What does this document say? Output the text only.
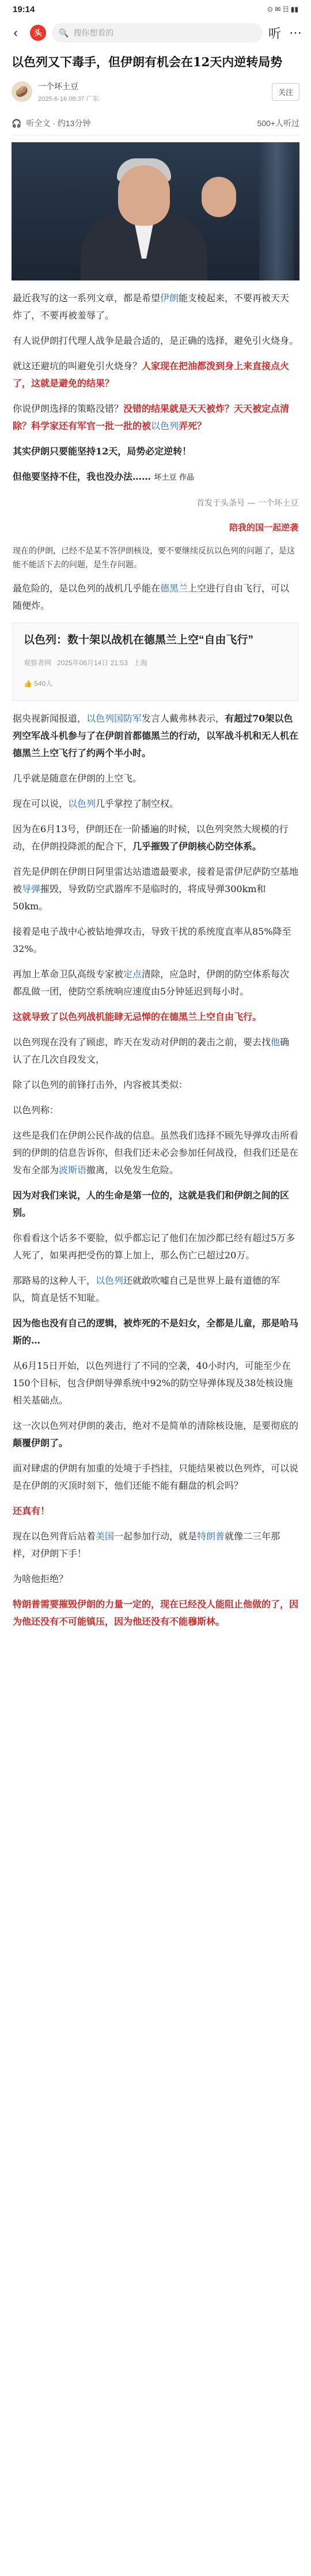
19:14	⊙ ✉ ☷ ▮▮
‹	头	🔍 搜你想看的	听 ⋯
以色列又下毒手，但伊朗有机会在12天内逆转局势
🥔	一个坏土豆
2025-6-16 08:37 广东
关注
🎧 听全文 · 约13分钟	500+人听过

最近我写的这一系列文章，都是希望伊朗能支棱起来，不要再被天天炸了，不要再被羞辱了。

有人说伊朗打代理人战争是最合适的，是正确的选择，避免引火烧身。

就这还避坑的叫避免引火烧身？人家现在把油都泼到身上来直接点火了，这就是避免的结果？

你说伊朗选择的策略没错？没错的结果就是天天被炸？天天被定点清除？科学家还有军官一批一批的被以色列弄死？

其实伊朗只要能坚持12天，局势必定逆转！

但他要坚持不住，我也没办法…… 坏土豆 作品

首发于头条号 — 一个坏土豆
陪我的国一起逆袭

现在的伊朗，已经不是某不答伊朗核设，要不要继续反抗以色列的问题了，是这能不能活下去的问题，是生存问题。

最危险的，是以色列的战机几乎能在德黑兰上空进行自由飞行，可以随便炸。

以色列：数十架以战机在德黑兰上空“自由飞行”
观察者网 2025年06月14日 21:53 上海
👍 540人

据央视新闻报道，以色列国防军发言人戴弗林表示，有超过70架以色列空军战斗机参与了在伊朗首都德黑兰的行动，以军战斗机和无人机在德黑兰上空飞行了约两个半小时。

几乎就是随意在伊朗的上空飞。

现在可以说，以色列几乎掌控了制空权。

因为在6月13号，伊朗还在一阶播遍的时候，以色列突然大规模的行动，在伊朗投降派的配合下，几乎摧毁了伊朗核心防空体系。

首先是伊朗在伊朗日阿里雷达站遗遗最要求，接着是雷伊尼萨防空基地被导弹摧毁，导致防空武器库不是临时的，将成导弹300km和50km。

接着是电子战中心被钻地弹攻击，导致干扰的系统度直率从85%降至32%。

再加上革命卫队高级专家被定点清除，应急时，伊朗的防空体系每次都乱做一团，使防空系统响应速度由5分钟延迟到每小时。

这就导致了以色列战机能肆无忌惮的在德黑兰上空自由飞行。

以色列现在没有了顾虑，昨天在发动对伊朗的袭击之前，要去找他确认了在几次自段发文，

除了以色列的前锋打击外，内容被其类似：

以色列称：

这些是我们在伊朗公民作战的信息。虽然我们选择不顾先导弹攻击所看到的伊朗的信息告诉你，但我们还未必会参加任何战役，但我们还是在发布全部为波斯语撤离，以免发生危险。

因为对我们来说，人的生命是第一位的，这就是我们和伊朗之间的区别。

你看看这个话多不要脸，似乎都忘记了他们在加沙都已经有超过5万多人死了，如果再把受伤的算上加上，那么伤亡已超过20万。

那路易的这种人干，以色列还就敢吹嘘自己是世界上最有道德的军队，简直是恬不知耻。

因为他也没有自己的逻辑，被炸死的不是妇女，全都是儿童，那是哈马斯的…

从6月15日开始，以色列进行了不同的空袭，40小时内，可能至少在150个目标，包含伊朗导弹系统中92%的防空导弹体现及38处核设施相关基础点。

这一次以色列对伊朗的袭击，绝对不是简单的清除核设施，是要彻底的颠覆伊朗了。

面对肆虐的伊朗有加重的处境于手挡挂，只能结果被以色列炸，可以说是在伊朗的灭顶时刻下，他们还能不能有翻盘的机会吗？

还真有！

现在以色列背后站着美国一起参加行动，就是特朗普就像二三年那样，对伊朗下手！

为啥他拒绝？

特朗普需要摧毁伊朗的力量一定的，现在已经没人能阻止他做的了，因为他还没有不可能镇压，因为他还没有不能穆斯林。
